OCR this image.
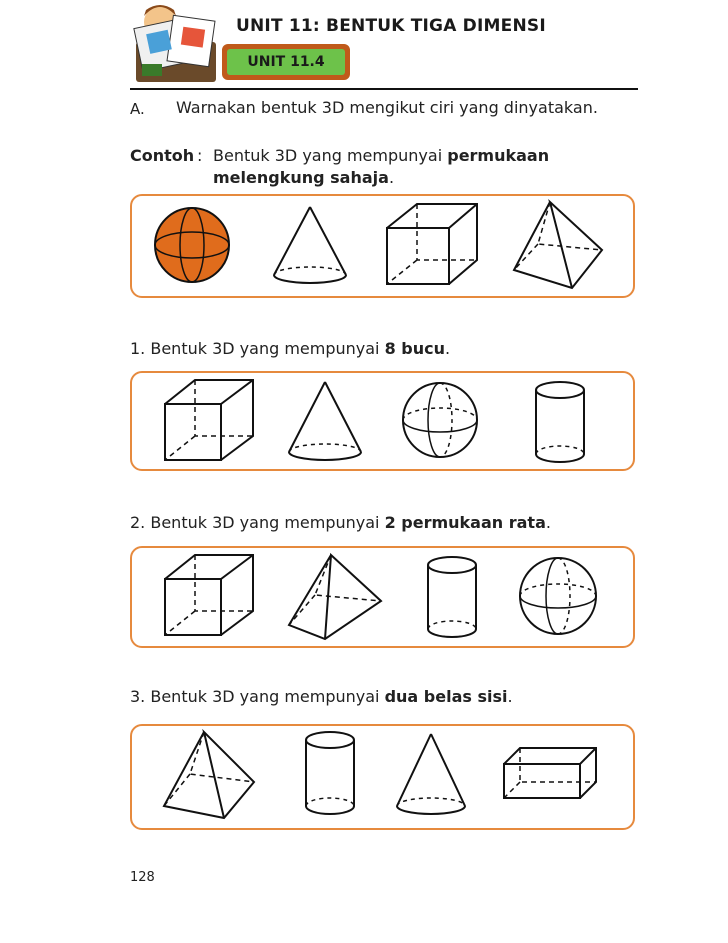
UNIT 11: BENTUK TIGA DIMENSI
UNIT 11.4
A. Warnakan bentuk 3D mengikut ciri yang dinyatakan.
Contoh : Bentuk 3D yang mempunyai permukaan
melengkung sahaja.
1. Bentuk 3D yang mempunyai 8 bucu.
2. Bentuk 3D yang mempunyai 2 permukaan rata.
3. Bentuk 3D yang mempunyai dua belas sisi.
128
